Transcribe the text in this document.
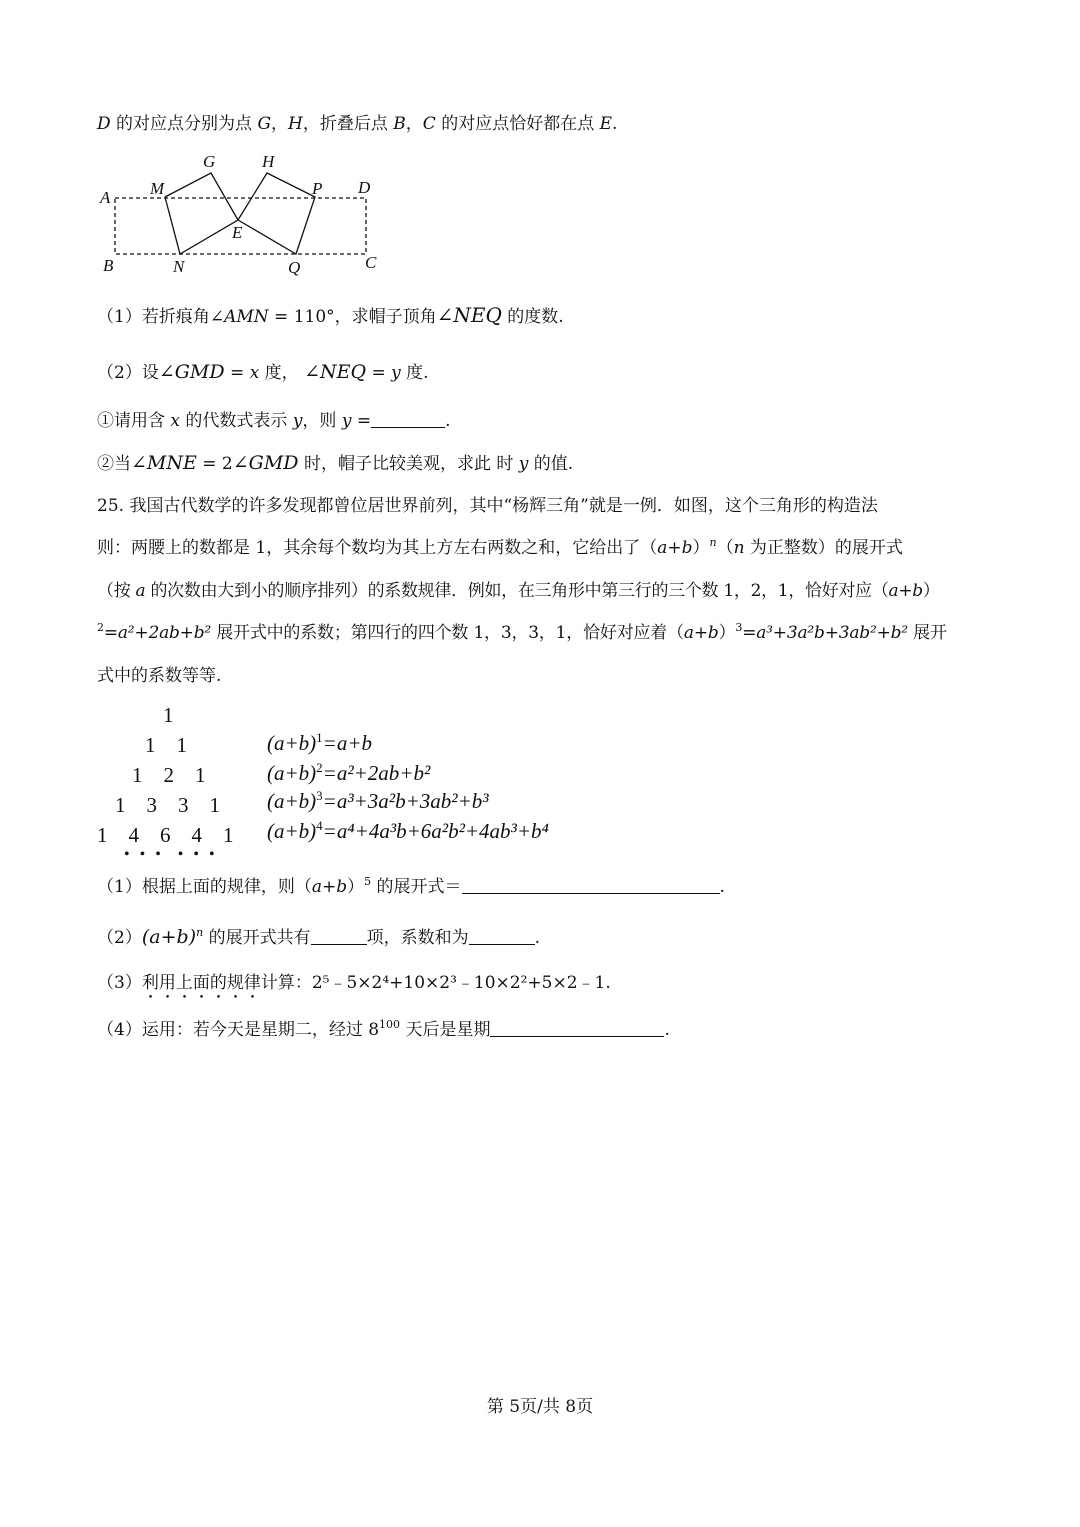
D 的对应点分别为点 G，H，折叠后点 B，C 的对应点恰好都在点 E.
A
B	C
D
G	H
M	P
N	Q
E
（1）若折痕角∠AMN = 110°，求帽子顶角∠NEQ 的度数.
（2）设∠GMD = x 度， ∠NEQ = y 度.
①请用含 x 的代数式表示 y，则 y =	.
②当∠MNE = 2∠GMD 时，帽子比较美观，求此 时 y 的值.
25. 我国古代数学的许多发现都曾位居世界前列，其中“杨辉三角”就是一例．如图，这个三角形的构造法
则：两腰上的数都是 1，其余每个数均为其上方左右两数之和，它给出了$(a+b)^n(n$ 为正整数）的展开式
（按 a 的次数由大到小的顺序排列）的系数规律．例如，在三角形中第三行的三个数 1，2，1，恰好对应（a+b）
$^2$=a²+2ab+b² 展开式中的系数；第四行的四个数 1，3，3，1，恰好对应着$(a+b)^3=a^3+3a^2b+3ab^2+b^2$ 展开
式中的系数等等.
1
1    1
1    2    1
1    3    3    1
1    4    6    4    1
• • •  • • •
$(a+b)^1=a+b$
$(a+b)^2=a^2+2ab+b^2$
$(a+b)^3=a^3+3a^2b+3ab^2+b^3$
$(a+b)^4=a^4+4a^3b+6a^2b^2+4ab^3+b^4$
（1）根据上面的规律，则$(a+b)^5$ 的展开式＝	.
$(2)(a+b)^n$ 的展开式共有	项，系数和为	.
（3）利用上面的规律计算：2⁵﹣5×2⁴+10×2³﹣10×2²+5×2﹣1.
（4）运用：若今天是星期二，经过 $8^{100}$ 天后是星期	.
第 5页/共 8页
